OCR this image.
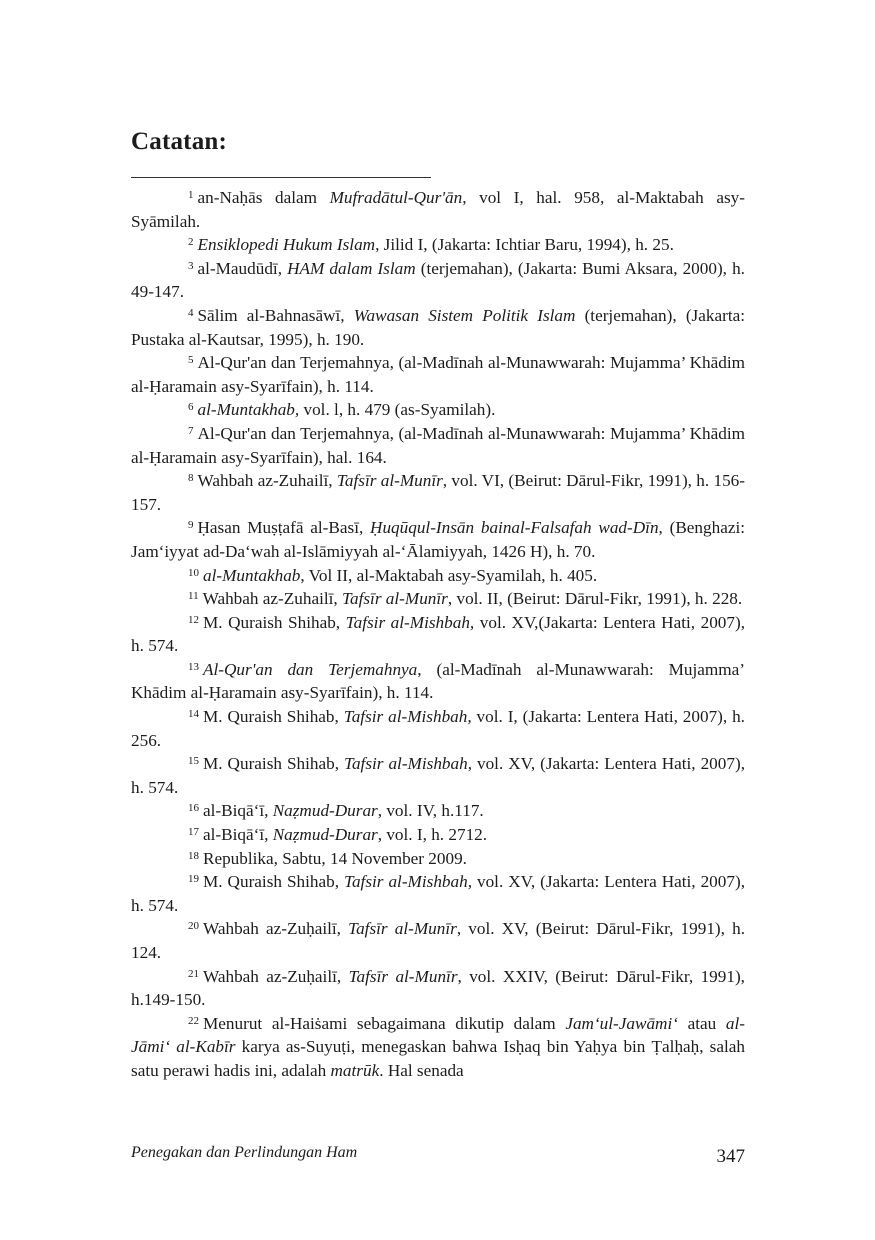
Catatan:

$^1$ an-Naḥās dalam Mufradātul-Qur'ān, vol I, hal. 958, al-Maktabah asy-Syāmilah.

$^2$ Ensiklopedi Hukum Islam, Jilid I, (Jakarta: Ichtiar Baru, 1994), h. 25.

$^3$ al-Maudūdī, HAM dalam Islam (terjemahan), (Jakarta: Bumi Aksara, 2000), h. 49-147.

$^4$ Sālim al-Bahnasāwī, Wawasan Sistem Politik Islam (terjemahan), (Jakarta: Pustaka al-Kautsar, 1995), h. 190.

$^5$ Al-Qur'an dan Terjemahnya, (al-Madīnah al-Munawwarah: Mujamma’ Khādim al-Ḥaramain asy-Syarīfain), h. 114.

$^6$ al-Muntakhab, vol. l, h. 479 (as-Syamilah).

$^7$ Al-Qur'an dan Terjemahnya, (al-Madīnah al-Munawwarah: Mujamma’ Khādim al-Ḥaramain asy-Syarīfain), hal. 164.

$^8$ Wahbah az-Zuhailī, Tafsīr al-Munīr, vol. VI, (Beirut: Dārul-Fikr, 1991), h. 156-157.

$^9$ Ḥasan Muṣṭafā al-Basī, Ḥuqūqul-Insān bainal-Falsafah wad-Dīn, (Benghazi: Jam‘iyyat ad-Da‘wah al-Islāmiyyah al-‘Ālamiyyah, 1426 H), h. 70.

$^{10}$ al-Muntakhab, Vol II, al-Maktabah asy-Syamilah, h. 405.

$^{11}$ Wahbah az-Zuhailī, Tafsīr al-Munīr, vol. II, (Beirut: Dārul-Fikr, 1991), h. 228.

$^{12}$ M. Quraish Shihab, Tafsir al-Mishbah, vol. XV,(Jakarta: Lentera Hati, 2007), h. 574.

$^{13}$ Al-Qur'an dan Terjemahnya, (al-Madīnah al-Munawwarah: Mujamma’ Khādim al-Ḥaramain asy-Syarīfain), h. 114.

$^{14}$ M. Quraish Shihab, Tafsir al-Mishbah, vol. I, (Jakarta: Lentera Hati, 2007), h. 256.

$^{15}$ M. Quraish Shihab, Tafsir al-Mishbah, vol. XV, (Jakarta: Lentera Hati, 2007), h. 574.

$^{16}$ al-Biqā‘ī, Naẓmud-Durar, vol. IV, h.117.

$^{17}$ al-Biqā‘ī, Naẓmud-Durar, vol. I, h. 2712.

$^{18}$ Republika, Sabtu, 14 November 2009.

$^{19}$ M. Quraish Shihab, Tafsir al-Mishbah, vol. XV, (Jakarta: Lentera Hati, 2007), h. 574.

$^{20}$ Wahbah az-Zuḥailī, Tafsīr al-Munīr, vol. XV, (Beirut: Dārul-Fikr, 1991), h. 124.

$^{21}$ Wahbah az-Zuḥailī, Tafsīr al-Munīr, vol. XXIV, (Beirut: Dārul-Fikr, 1991), h.149-150.

$^{22}$ Menurut al-Haiṡami sebagaimana dikutip dalam Jam‘ul-Jawāmi‘ atau al-Jāmi‘ al-Kabīr karya as-Suyuṭi, menegaskan bahwa Isḥaq bin Yaḥya bin Ṭalḥaḥ, salah satu perawi hadis ini, adalah matrūk. Hal senada

Penegakan dan Perlindungan Ham	347
